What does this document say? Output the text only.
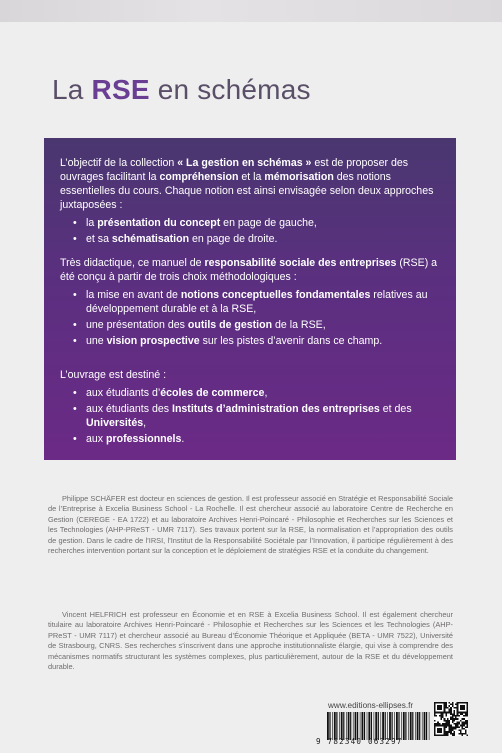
La RSE en schémas

L’objectif de la collection « La gestion en schémas » est de proposer des ouvrages facilitant la compréhension et la mémorisation des notions essentielles du cours. Chaque notion est ainsi envisagée selon deux approches juxtaposées :

• la présentation du concept en page de gauche,
• et sa schématisation en page de droite.

Très didactique, ce manuel de responsabilité sociale des entreprises (RSE) a été conçu à partir de trois choix méthodologiques :

• la mise en avant de notions conceptuelles fondamentales relatives au développement durable et à la RSE,
• une présentation des outils de gestion de la RSE,
• une vision prospective sur les pistes d’avenir dans ce champ.

L’ouvrage est destiné :

• aux étudiants d’écoles de commerce,
• aux étudiants des Instituts d’administration des entreprises et des Universités,
• aux professionnels.
Philippe SCHÄFER est docteur en sciences de gestion. Il est professeur associé en Stratégie et Responsabilité Sociale de l’Entreprise à Excelia Business School - La Rochelle. Il est chercheur associé au laboratoire Centre de Recherche en Gestion (CEREGE - EA 1722) et au laboratoire Archives Henri-Poincaré - Philosophie et Recherches sur les Sciences et les Technologies (AHP-PReST - UMR 7117). Ses travaux portent sur la RSE, la normalisation et l’appropriation des outils de gestion. Dans le cadre de l’IRSI, l’Institut de la Responsabilité Sociétale par l’Innovation, il participe régulièrement à des recherches intervention portant sur la conception et le déploiement de stratégies RSE et la conduite du changement.
Vincent HELFRICH est professeur en Économie et en RSE à Excelia Business School. Il est également chercheur titulaire au laboratoire Archives Henri-Poincaré - Philosophie et Recherches sur les Sciences et les Technologies (AHP-PReST - UMR 7117) et chercheur associé au Bureau d’Économie Théorique et Appliquée (BETA - UMR 7522), Université de Strasbourg, CNRS. Ses recherches s’inscrivent dans une approche institutionnaliste élargie, qui vise à comprendre des mécanismes normatifs structurant les systèmes complexes, plus particulièrement, autour de la RSE et du développement durable.
www.editions-ellipses.fr
9 782340 063297
